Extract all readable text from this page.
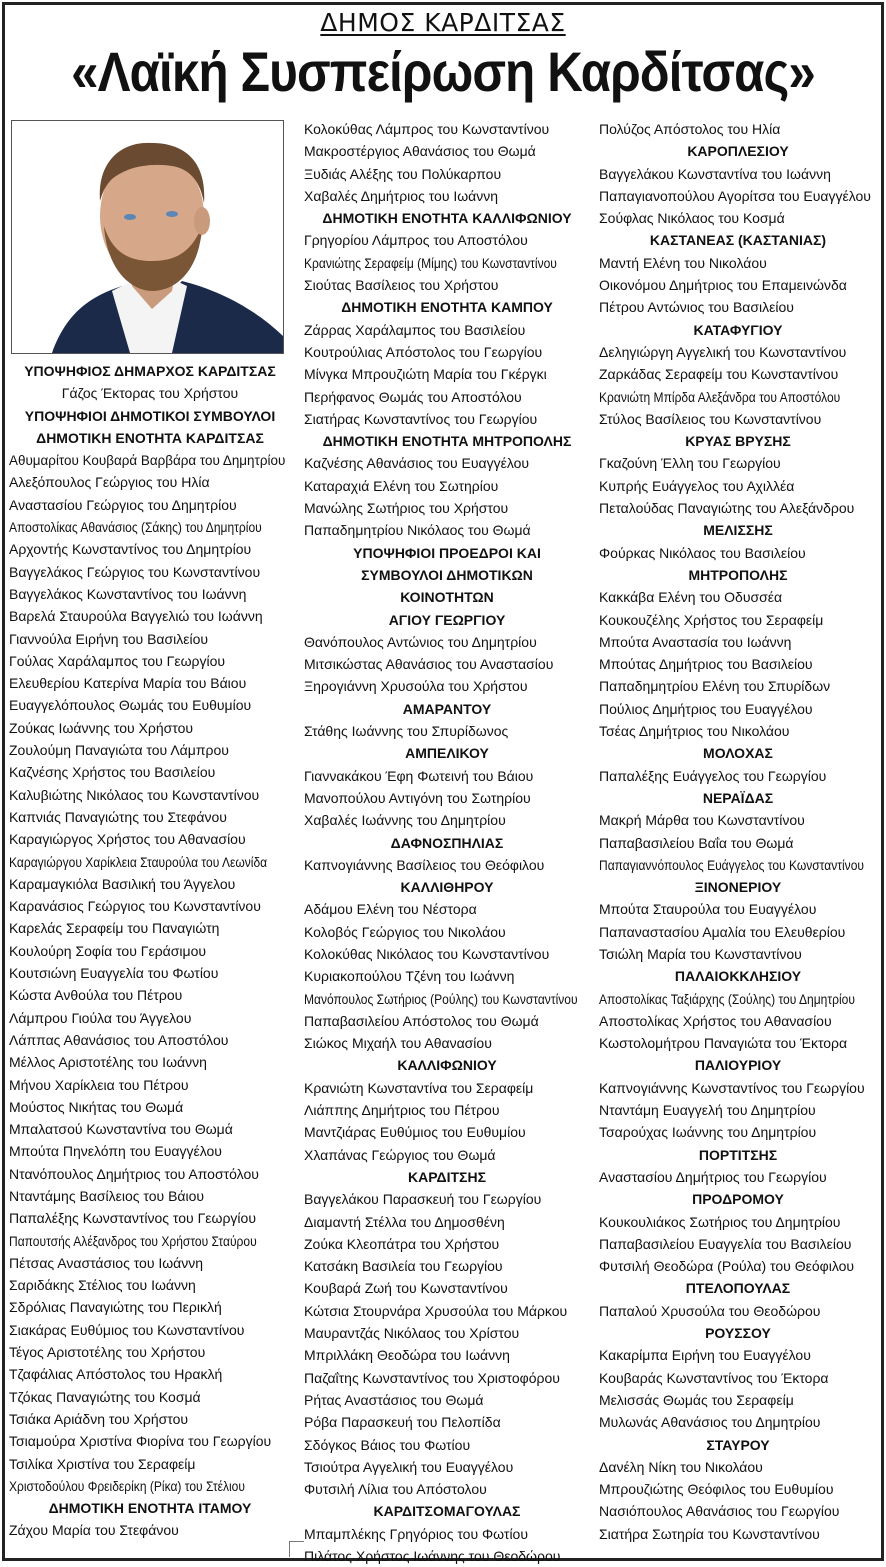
ΔΗΜΟΣ ΚΑΡΔΙΤΣΑΣ
«Λαϊκή Συσπείρωση Καρδίτσας»
ΥΠΟΨΗΦΙΟΣ ΔΗΜΑΡΧΟΣ ΚΑΡΔΙΤΣΑΣ
Γάζος Έκτορας του Χρήστου
ΥΠΟΨΗΦΙΟΙ ΔΗΜΟΤΙΚΟΙ ΣΥΜΒΟΥΛΟΙ
ΔΗΜΟΤΙΚΗ ΕΝΟΤΗΤΑ ΚΑΡΔΙΤΣΑΣ
Αθυμαρίτου Κουβαρά Βαρβάρα του Δημητρίου
Αλεξόπουλος Γεώργιος του Ηλία
Αναστασίου Γεώργιος του Δημητρίου
Αποστολίκας Αθανάσιος (Σάκης) του Δημητρίου
Αρχοντής Κωνσταντίνος του Δημητρίου
Βαγγελάκος Γεώργιος του Κωνσταντίνου
Βαγγελάκος Κωνσταντίνος του Ιωάννη
Βαρελά Σταυρούλα Βαγγελιώ του Ιωάννη
Γιαννούλα Ειρήνη του Βασιλείου
Γούλας Χαράλαμπος του Γεωργίου
Ελευθερίου Κατερίνα Μαρία του Βάιου
Ευαγγελόπουλος Θωμάς του Ευθυμίου
Ζούκας Ιωάννης του Χρήστου
Ζουλούμη Παναγιώτα του Λάμπρου
Καζνέσης Χρήστος του Βασιλείου
Καλυβιώτης Νικόλαος του Κωνσταντίνου
Καπνιάς Παναγιώτης του Στεφάνου
Καραγιώργος Χρήστος του Αθανασίου
Καραγιώργου Χαρίκλεια Σταυρούλα του Λεωνίδα
Καραμαγκιόλα Βασιλική του Άγγελου
Καρανάσιος Γεώργιος του Κωνσταντίνου
Καρελάς Σεραφείμ του Παναγιώτη
Κουλούρη Σοφία του Γεράσιμου
Κουτσιώνη Ευαγγελία του Φωτίου
Κώστα Ανθούλα του Πέτρου
Λάμπρου Γιούλα του Άγγελου
Λάππας Αθανάσιος του Αποστόλου
Μέλλος Αριστοτέλης του Ιωάννη
Μήνου Χαρίκλεια του Πέτρου
Μούστος Νικήτας του Θωμά
Μπαλατσού Κωνσταντίνα του Θωμά
Μπούτα Πηνελόπη του Ευαγγέλου
Ντανόπουλος Δημήτριος του Αποστόλου
Νταντάμης Βασίλειος του Βάιου
Παπαλέξης Κωνσταντίνος του Γεωργίου
Παπουτσής Αλέξανδρος του Χρήστου Σταύρου
Πέτσας Αναστάσιος του Ιωάννη
Σαριδάκης Στέλιος του Ιωάννη
Σδρόλιας Παναγιώτης του Περικλή
Σιακάρας Ευθύμιος του Κωνσταντίνου
Τέγος Αριστοτέλης του Χρήστου
Τζαφάλιας Απόστολος του Ηρακλή
Τζόκας Παναγιώτης του Κοσμά
Τσιάκα Αριάδνη του Χρήστου
Τσιαμούρα Χριστίνα Φιορίνα του Γεωργίου
Τσιλίκα Χριστίνα του Σεραφείμ
Χριστοδούλου Φρειδερίκη (Ρίκα) του Στέλιου
ΔΗΜΟΤΙΚΗ ΕΝΟΤΗΤΑ ΙΤΑΜΟΥ
Ζάχου Μαρία του Στεφάνου
Κολοκύθας Λάμπρος του Κωνσταντίνου
Μακροστέργιος Αθανάσιος του Θωμά
Ξυδιάς Αλέξης του Πολύκαρπου
Χαβαλές Δημήτριος του Ιωάννη
ΔΗΜΟΤΙΚΗ ΕΝΟΤΗΤΑ ΚΑΛΛΙΦΩΝΙΟΥ
Γρηγορίου Λάμπρος του Αποστόλου
Κρανιώτης Σεραφείμ (Μίμης) του Κωνσταντίνου
Σιούτας Βασίλειος του Χρήστου
ΔΗΜΟΤΙΚΗ ΕΝΟΤΗΤΑ ΚΑΜΠΟΥ
Ζάρρας Χαράλαμπος του Βασιλείου
Κουτρούλιας Απόστολος του Γεωργίου
Μίνγκα Μπρουζιώτη Μαρία του Γκέργκι
Περήφανος Θωμάς του Αποστόλου
Σιατήρας Κωνσταντίνος του Γεωργίου
ΔΗΜΟΤΙΚΗ ΕΝΟΤΗΤΑ ΜΗΤΡΟΠΟΛΗΣ
Καζνέσης Αθανάσιος του Ευαγγέλου
Καταραχιά Ελένη του Σωτηρίου
Μανώλης Σωτήριος του Χρήστου
Παπαδημητρίου Νικόλαος του Θωμά
ΥΠΟΨΗΦΙΟΙ ΠΡΟΕΔΡΟΙ ΚΑΙ
ΣΥΜΒΟΥΛΟΙ ΔΗΜΟΤΙΚΩΝ
ΚΟΙΝΟΤΗΤΩΝ
ΑΓΙΟΥ ΓΕΩΡΓΙΟΥ
Θανόπουλος Αντώνιος του Δημητρίου
Μιτσικώστας Αθανάσιος του Αναστασίου
Ξηρογιάννη Χρυσούλα του Χρήστου
ΑΜΑΡΑΝΤΟΥ
Στάθης Ιωάννης του Σπυρίδωνος
ΑΜΠΕΛΙΚΟΥ
Γιαννακάκου Έφη Φωτεινή του Βάιου
Μανοπούλου Αντιγόνη του Σωτηρίου
Χαβαλές Ιωάννης του Δημητρίου
ΔΑΦΝΟΣΠΗΛΙΑΣ
Καπνογιάννης Βασίλειος του Θεόφιλου
ΚΑΛΛΙΘΗΡΟΥ
Αδάμου Ελένη του Νέστορα
Κολοβός Γεώργιος του Νικολάου
Κολοκύθας Νικόλαος του Κωνσταντίνου
Κυριακοπούλου Τζένη του Ιωάννη
Μανόπουλος Σωτήριος (Ρούλης) του Κωνσταντίνου
Παπαβασιλείου Απόστολος του Θωμά
Σιώκος Μιχαήλ του Αθανασίου
ΚΑΛΛΙΦΩΝΙΟΥ
Κρανιώτη Κωνσταντίνα του Σεραφείμ
Λιάππης Δημήτριος του Πέτρου
Μαντζιάρας Ευθύμιος του Ευθυμίου
Χλαπάνας Γεώργιος του Θωμά
ΚΑΡΔΙΤΣΗΣ
Βαγγελάκου Παρασκευή του Γεωργίου
Διαμαντή Στέλλα του Δημοσθένη
Ζούκα Κλεοπάτρα του Χρήστου
Κατσάκη Βασιλεία του Γεωργίου
Κουβαρά Ζωή του Κωνσταντίνου
Κώτσια Στουρνάρα Χρυσούλα του Μάρκου
Μαυραντζάς Νικόλαος του Χρίστου
Μπριλλάκη Θεοδώρα του Ιωάννη
Παζαΐτης Κωνσταντίνος του Χριστοφόρου
Ρήτας Αναστάσιος του Θωμά
Ρόβα Παρασκευή του Πελοπίδα
Σδόγκος Βάιος του Φωτίου
Τσιούτρα Αγγελική του Ευαγγέλου
Φυτσιλή Λίλια του Απόστολου
ΚΑΡΔΙΤΣΟΜΑΓΟΥΛΑΣ
Μπαμπλέκης Γρηγόριος του Φωτίου
Πιλάτος Χρήστος Ιωάννης του Θεοδώρου
Πολύζος Απόστολος του Ηλία
ΚΑΡΟΠΛΕΣΙΟΥ
Βαγγελάκου Κωνσταντίνα του Ιωάννη
Παπαγιανοπούλου Αγορίτσα του Ευαγγέλου
Σούφλας Νικόλαος του Κοσμά
ΚΑΣΤΑΝΕΑΣ (ΚΑΣΤΑΝΙΑΣ)
Μαντή Ελένη του Νικολάου
Οικονόμου Δημήτριος του Επαμεινώνδα
Πέτρου Αντώνιος του Βασιλείου
ΚΑΤΑΦΥΓΙΟΥ
Δεληγιώργη Αγγελική του Κωνσταντίνου
Ζαρκάδας Σεραφείμ του Κωνσταντίνου
Κρανιώτη Μπίρδα Αλεξάνδρα του Αποστόλου
Στύλος Βασίλειος του Κωνσταντίνου
ΚΡΥΑΣ ΒΡΥΣΗΣ
Γκαζούνη Έλλη του Γεωργίου
Κυπρής Ευάγγελος του Αχιλλέα
Πεταλούδας Παναγιώτης του Αλεξάνδρου
ΜΕΛΙΣΣΗΣ
Φούρκας Νικόλαος του Βασιλείου
ΜΗΤΡΟΠΟΛΗΣ
Κακκάβα Ελένη του Οδυσσέα
Κουκουζέλης Χρήστος του Σεραφείμ
Μπούτα Αναστασία του Ιωάννη
Μπούτας Δημήτριος του Βασιλείου
Παπαδημητρίου Ελένη του Σπυρίδων
Πούλιος Δημήτριος του Ευαγγέλου
Τσέας Δημήτριος του Νικολάου
ΜΟΛΟΧΑΣ
Παπαλέξης Ευάγγελος του Γεωργίου
ΝΕΡΑΪΔΑΣ
Μακρή Μάρθα του Κωνσταντίνου
Παπαβασιλείου Βαΐα του Θωμά
Παπαγιαννόπουλος Ευάγγελος του Κωνσταντίνου
ΞΙΝΟΝΕΡΙΟΥ
Μπούτα Σταυρούλα του Ευαγγέλου
Παπαναστασίου Αμαλία του Ελευθερίου
Τσιώλη Μαρία του Κωνσταντίνου
ΠΑΛΑΙΟΚΚΛΗΣΙΟΥ
Αποστολίκας Ταξιάρχης (Σούλης) του Δημητρίου
Αποστολίκας Χρήστος του Αθανασίου
Κωστολομήτρου Παναγιώτα του Έκτορα
ΠΑΛΙΟΥΡΙΟΥ
Καπνογιάννης Κωνσταντίνος του Γεωργίου
Νταντάμη Ευαγγελή του Δημητρίου
Τσαρούχας Ιωάννης του Δημητρίου
ΠΟΡΤΙΤΣΗΣ
Αναστασίου Δημήτριος του Γεωργίου
ΠΡΟΔΡΟΜΟΥ
Κουκουλιάκος Σωτήριος του Δημητρίου
Παπαβασιλείου Ευαγγελία του Βασιλείου
Φυτσιλή Θεοδώρα (Ρούλα) του Θεόφιλου
ΠΤΕΛΟΠΟΥΛΑΣ
Παπαλού Χρυσούλα του Θεοδώρου
ΡΟΥΣΣΟΥ
Κακαρίμπα Ειρήνη του Ευαγγέλου
Κουβαράς Κωνσταντίνος του Έκτορα
Μελισσάς Θωμάς του Σεραφείμ
Μυλωνάς Αθανάσιος του Δημητρίου
ΣΤΑΥΡΟΥ
Δανέλη Νίκη του Νικολάου
Μπρουζιώτης Θεόφιλος του Ευθυμίου
Νασιόπουλος Αθανάσιος του Γεωργίου
Σιατήρα Σωτηρία του Κωνσταντίνου
